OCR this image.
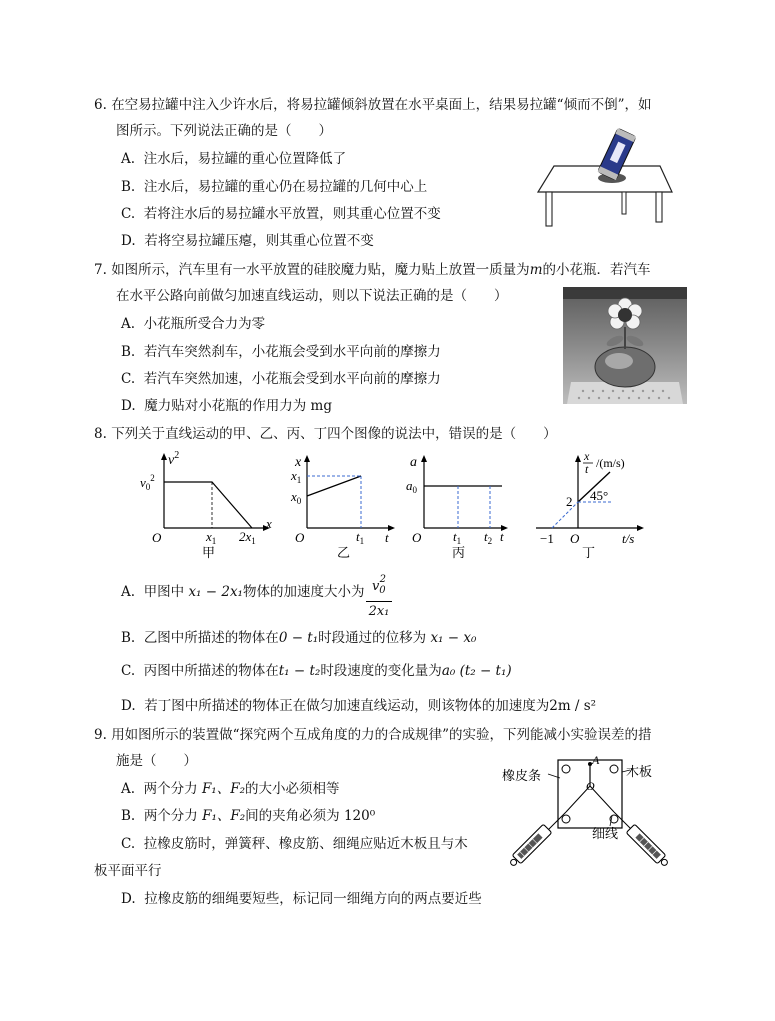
6. 在空易拉罐中注入少许水后，将易拉罐倾斜放置在水平桌面上，结果易拉罐“倾而不倒”，如
图所示。下列说法正确的是（　　）
A. 注水后，易拉罐的重心位置降低了
B. 注水后，易拉罐的重心仍在易拉罐的几何中心上
C. 若将注水后的易拉罐水平放置，则其重心位置不变
D. 若将空易拉罐压瘪，则其重心位置不变
7. 如图所示，汽车里有一水平放置的硅胶魔力贴，魔力贴上放置一质量为m的小花瓶．若汽车
在水平公路向前做匀加速直线运动，则以下说法正确的是（　　）
A. 小花瓶所受合力为零
B. 若汽车突然刹车，小花瓶会受到水平向前的摩擦力
C. 若汽车突然加速，小花瓶会受到水平向前的摩擦力
D. 魔力贴对小花瓶的作用力为 mg
8. 下列关于直线运动的甲、乙、丙、丁四个图像的说法中，错误的是（　　）
$v^2$
$v_0^2$
O	$x_1$ $2x_1$
x
甲
x
$x_1$
$x_0$
O	$t_1$ t
乙
a
$a_0$
O $t_1$ $t_2$ t
丙
x
t /(m/s)
2 45°
−1 O	t/s
丁
A. 甲图中 x₁ − 2x₁物体的加速度大小为 $v_0^2$
2x₁
B. 乙图中所描述的物体在0 − t₁时段通过的位移为 x₁ − x₀
C. 丙图中所描述的物体在t₁ − t₂时段速度的变化量为a₀ (t₂ − t₁)
D. 若丁图中所描述的物体正在做匀加速直线运动，则该物体的加速度为2m / s²
9. 用如图所示的装置做“探究两个互成角度的力的合成规律”的实验，下列能减小实验误差的措
施是（　　）
A. 两个分力 F₁、F₂的大小必须相等
B. 两个分力 F₁、F₂间的夹角必须为 120⁰
C. 拉橡皮筋时，弹簧秤、橡皮筋、细绳应贴近木板且与木
板平面平行
D. 拉橡皮筋的细绳要短些，标记同一细绳方向的两点要近些
橡皮条	木板
A
O
细线
